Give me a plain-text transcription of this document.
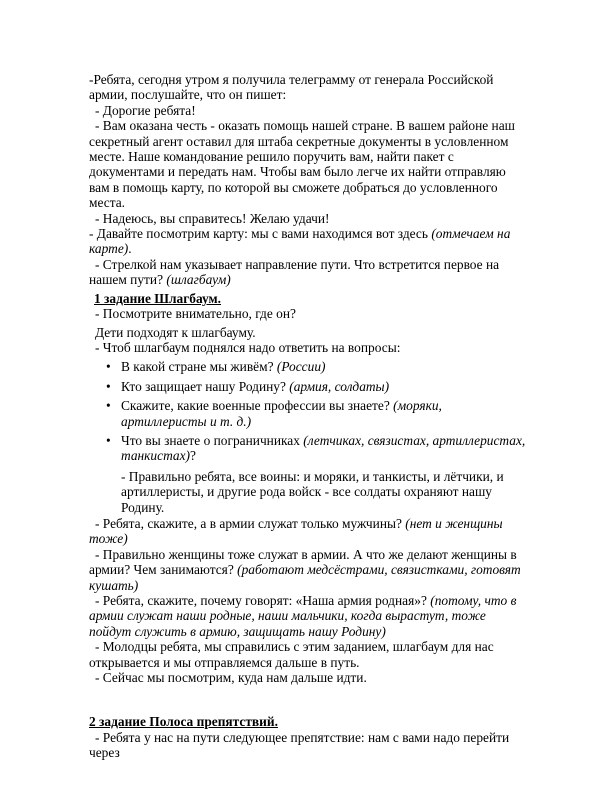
-Ребята, сегодня утром я получила телеграмму от генерала Российской армии, послушайте, что он пишет:

- Дорогие ребята!

- Вам оказана честь - оказать помощь нашей стране. В вашем районе наш секретный агент оставил для штаба секретные документы в условленном месте. Наше командование решило поручить вам, найти пакет с документами и передать нам. Чтобы вам было легче их найти отправляю вам в помощь карту, по которой вы сможете добраться до условленного места.

- Надеюсь, вы справитесь! Желаю удачи!

- Давайте посмотрим карту: мы с вами находимся вот здесь (отмечаем на карте).

- Стрелкой нам указывает направление пути. Что встретится первое на нашем пути? (шлагбаум)

1 задание Шлагбаум.

- Посмотрите внимательно, где он?

Дети подходят к шлагбауму.

- Чтоб шлагбаум поднялся надо ответить на вопросы:

• В какой стране мы живём? (России)
• Кто защищает нашу Родину? (армия, солдаты)
• Скажите, какие военные профессии вы знаете? (моряки, артиллеристы и т. д.)
• Что вы знаете о пограничниках (летчиках, связистах, артиллеристах, танкистах)?

- Правильно ребята, все воины: и моряки, и танкисты, и лётчики, и артиллеристы, и другие рода войск - все солдаты охраняют нашу Родину.

- Ребята, скажите, а в армии служат только мужчины? (нет и женщины тоже)

- Правильно женщины тоже служат в армии. А что же делают женщины в армии? Чем занимаются? (работают медсёстрами, связистками, готовят кушать)

- Ребята, скажите, почему говорят: «Наша армия родная»? (потому, что в армии служат наши родные, наши мальчики, когда вырастут, тоже пойдут служить в армию, защищать нашу Родину)

- Молодцы ребята, мы справились с этим заданием, шлагбаум для нас открывается и мы отправляемся дальше в путь.

- Сейчас мы посмотрим, куда нам дальше идти.

2 задание Полоса препятствий.

- Ребята у нас на пути следующее препятствие: нам с вами надо перейти через
